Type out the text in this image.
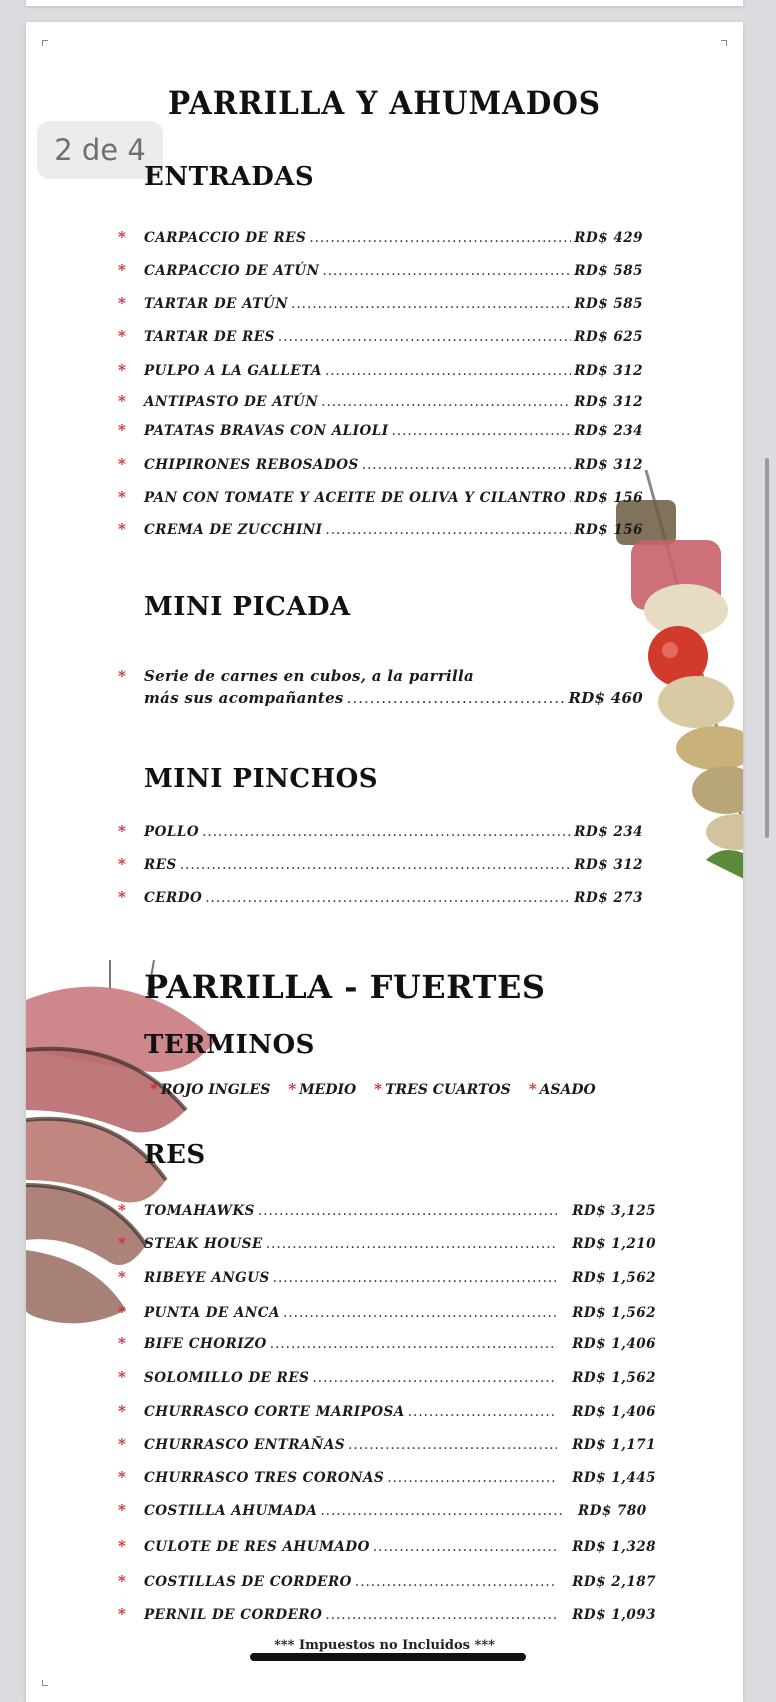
PARRILLA Y AHUMADOS
2 de 4
ENTRADAS
*	CARPACCIO DE RES .....	RD$ 429
*	CARPACCIO DE ATÚN .....	RD$ 585
*	TARTAR DE ATÚN .....	RD$ 585
*	TARTAR DE RES .....	RD$ 625
*	PULPO A LA GALLETA .....	RD$ 312
*	ANTIPASTO DE ATÚN .....	RD$ 312
*	PATATAS BRAVAS CON ALIOLI .....	RD$ 234
*	CHIPIRONES REBOSADOS .....	RD$ 312
*	PAN CON TOMATE Y ACEITE DE OLIVA Y CILANTRO ..... RD$ 156
*	CREMA DE ZUCCHINI .....	RD$ 156
MINI PICADA
*	Serie de carnes en cubos, a la parrilla
más sus acompañantes .....	RD$ 460
MINI PINCHOS
*	POLLO .....	RD$ 234
*	RES .....	RD$ 312
*	CERDO .....	RD$ 273
PARRILLA - FUERTES
TERMINOS
* ROJO INGLES * MEDIO * TRES CUARTOS * ASADO
RES
*	TOMAHAWKS .....	RD$ 3,125
*	STEAK HOUSE .....	RD$ 1,210
*	RIBEYE ANGUS .....	RD$ 1,562
*	PUNTA DE ANCA .....	RD$ 1,562
*	BIFE CHORIZO .....	RD$ 1,406
*	SOLOMILLO DE RES .....	RD$ 1,562
*	CHURRASCO CORTE MARIPOSA .....	RD$ 1,406
*	CHURRASCO ENTRAÑAS .....	RD$ 1,171
*	CHURRASCO TRES CORONAS .....	RD$ 1,445
*	COSTILLA AHUMADA .....	RD$ 780
*	CULOTE DE RES AHUMADO .....	RD$ 1,328
*	COSTILLAS DE CORDERO .....	RD$ 2,187
*	PERNIL DE CORDERO .....	RD$ 1,093
*** Impuestos no Incluidos ***
